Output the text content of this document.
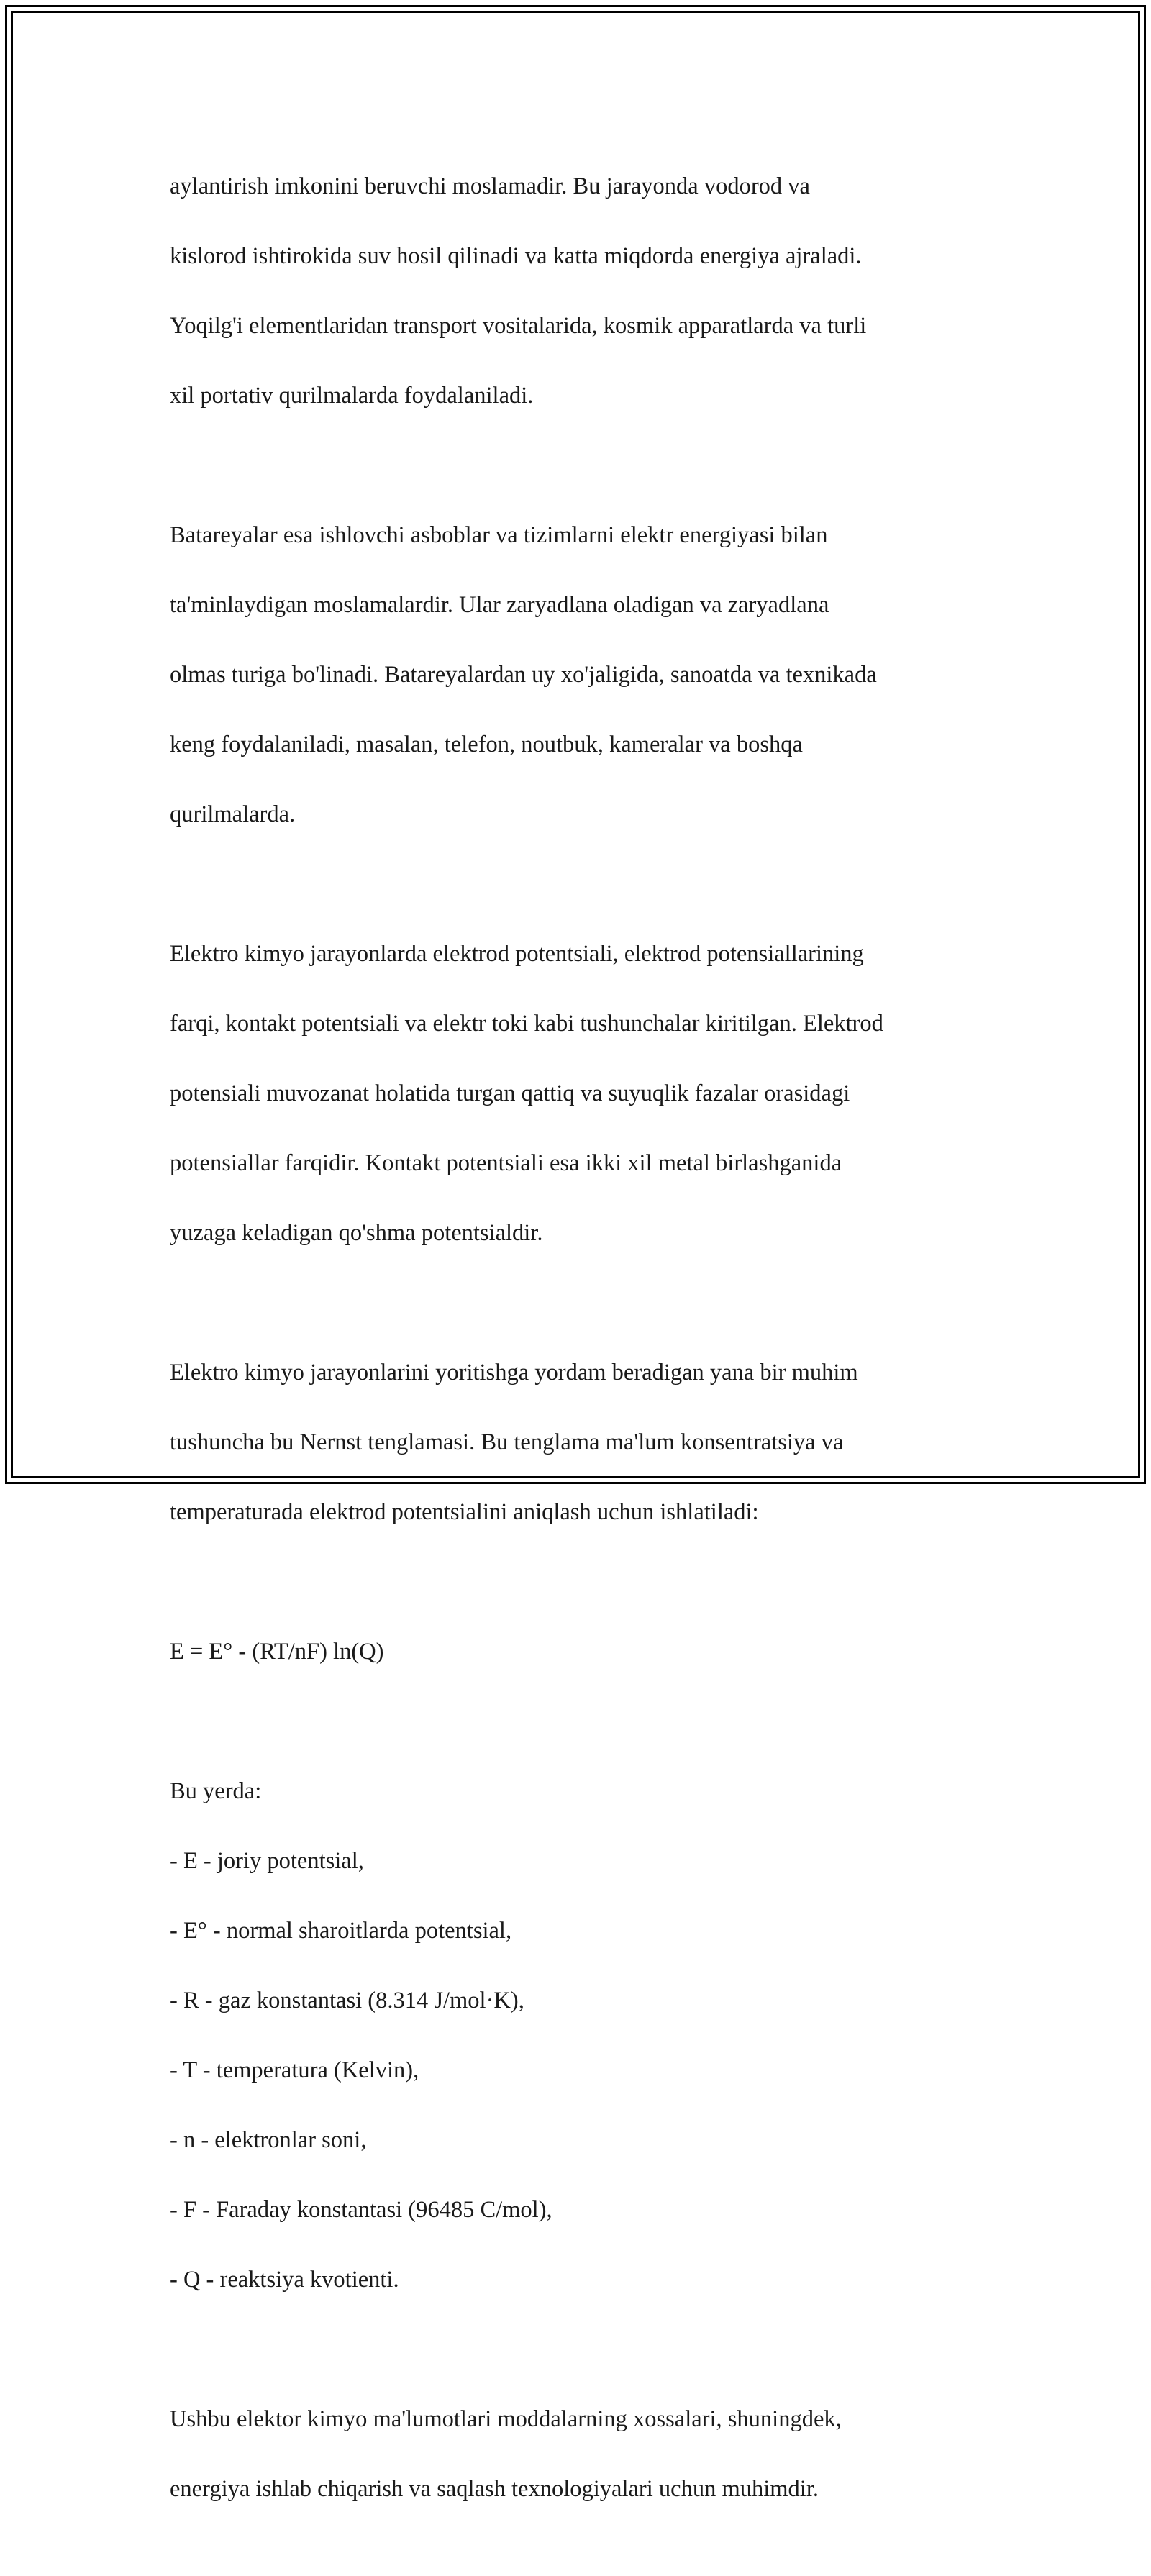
aylantirish imkonini beruvchi moslamadir. Bu jarayonda vodorod va

kislorod ishtirokida suv hosil qilinadi va katta miqdorda energiya ajraladi.

Yoqilg'i elementlaridan transport vositalarida, kosmik apparatlarda va turli

xil portativ qurilmalarda foydalaniladi.

Batareyalar esa ishlovchi asboblar va tizimlarni elektr energiyasi bilan

ta'minlaydigan moslamalardir. Ular zaryadlana oladigan va zaryadlana

olmas turiga bo'linadi. Batareyalardan uy xo'jaligida, sanoatda va texnikada

keng foydalaniladi, masalan, telefon, noutbuk, kameralar va boshqa

qurilmalarda.

Elektro kimyo jarayonlarda elektrod potentsiali, elektrod potensiallarining

farqi, kontakt potentsiali va elektr toki kabi tushunchalar kiritilgan. Elektrod

potensiali muvozanat holatida turgan qattiq va suyuqlik fazalar orasidagi

potensiallar farqidir. Kontakt potentsiali esa ikki xil metal birlashganida

yuzaga keladigan qo'shma potentsialdir.

Elektro kimyo jarayonlarini yoritishga yordam beradigan yana bir muhim

tushuncha bu Nernst tenglamasi. Bu tenglama ma'lum konsentratsiya va

temperaturada elektrod potentsialini aniqlash uchun ishlatiladi:

E = E° - (RT/nF) ln(Q)

Bu yerda:

- E - joriy potentsial,

- E° - normal sharoitlarda potentsial,

- R - gaz konstantasi (8.314 J/mol·K),

- T - temperatura (Kelvin),

- n - elektronlar soni,

- F - Faraday konstantasi (96485 C/mol),

- Q - reaktsiya kvotienti.

Ushbu elektor kimyo ma'lumotlari moddalarning xossalari, shuningdek,

energiya ishlab chiqarish va saqlash texnologiyalari uchun muhimdir.
